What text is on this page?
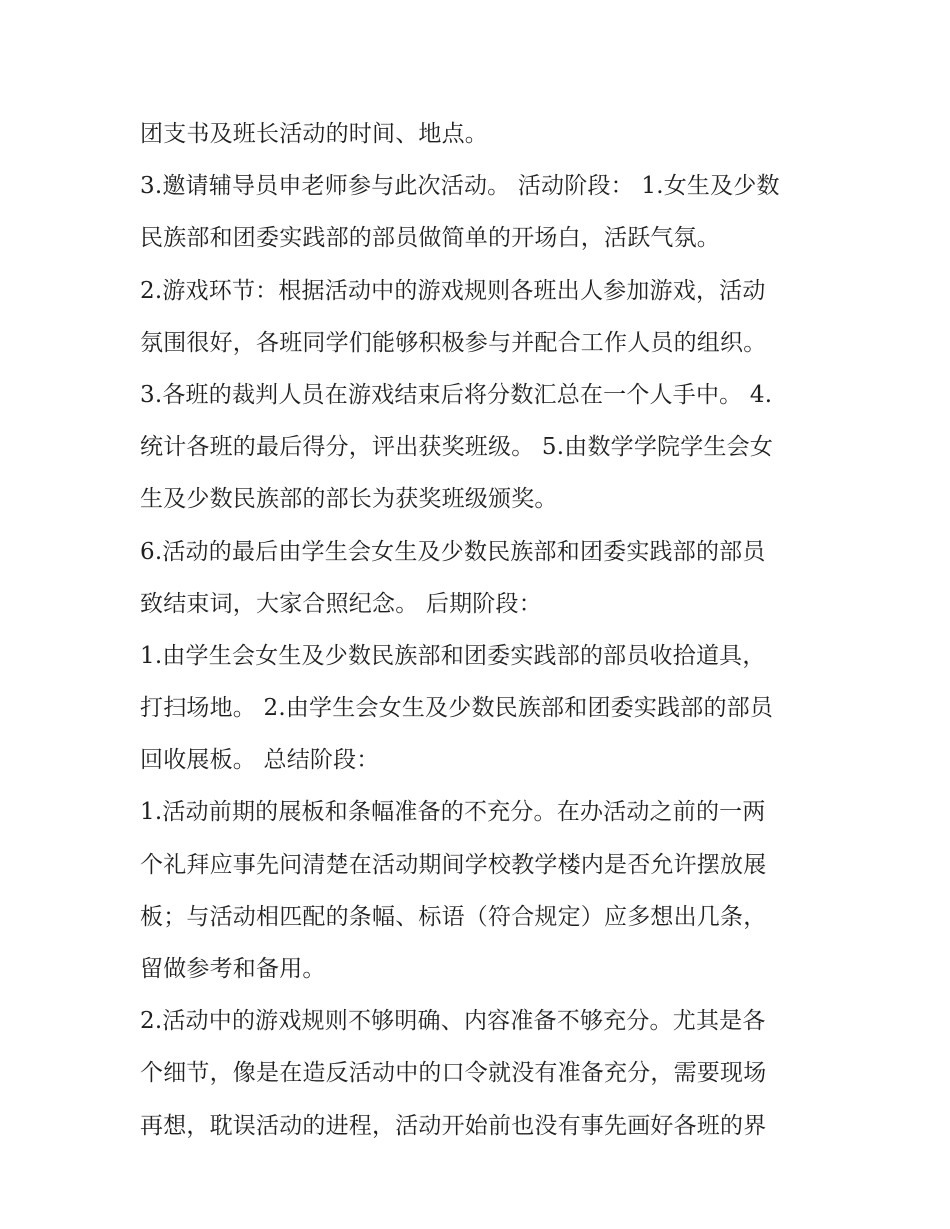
团支书及班长活动的时间、地点。
3.邀请辅导员申老师参与此次活动。 活动阶段： 1.女生及少数
民族部和团委实践部的部员做简单的开场白，活跃气氛。
2.游戏环节：根据活动中的游戏规则各班出人参加游戏，活动
氛围很好，各班同学们能够积极参与并配合工作人员的组织。
3.各班的裁判人员在游戏结束后将分数汇总在一个人手中。 4.
统计各班的最后得分，评出获奖班级。 5.由数学学院学生会女
生及少数民族部的部长为获奖班级颁奖。
6.活动的最后由学生会女生及少数民族部和团委实践部的部员
致结束词，大家合照纪念。 后期阶段：
1.由学生会女生及少数民族部和团委实践部的部员收拾道具，
打扫场地。 2.由学生会女生及少数民族部和团委实践部的部员
回收展板。 总结阶段：
1.活动前期的展板和条幅准备的不充分。在办活动之前的一两
个礼拜应事先问清楚在活动期间学校教学楼内是否允许摆放展
板；与活动相匹配的条幅、标语（符合规定）应多想出几条，
留做参考和备用。
2.活动中的游戏规则不够明确、内容准备不够充分。尤其是各
个细节，像是在造反活动中的口令就没有准备充分，需要现场
再想，耽误活动的进程，活动开始前也没有事先画好各班的界
